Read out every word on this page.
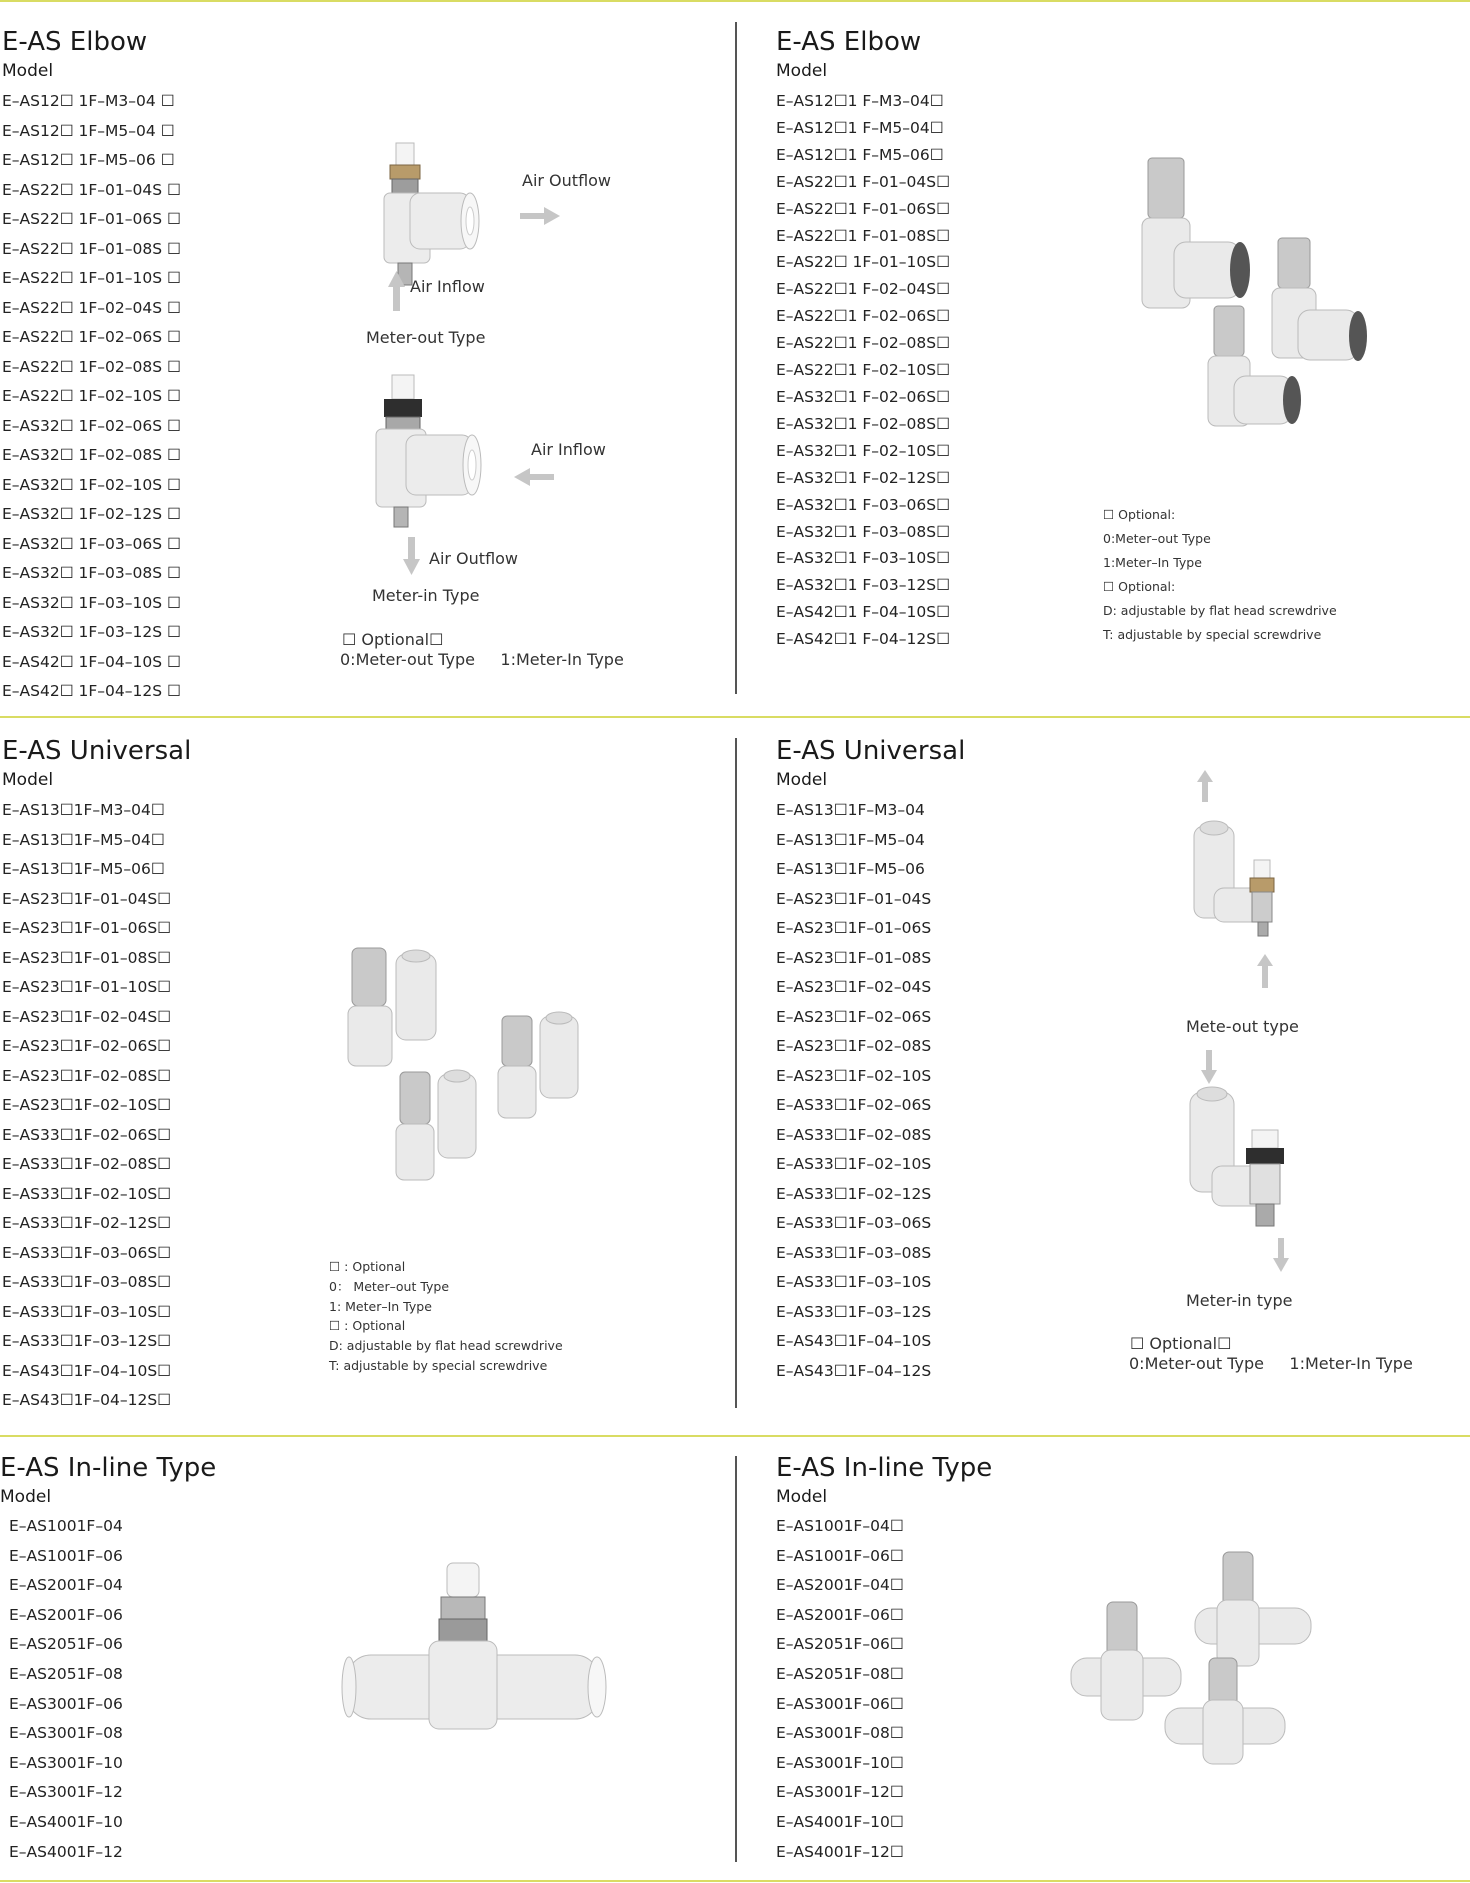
E-AS Elbow
Model
E–AS12☐ 1F–M3–04 ☐
E–AS12☐ 1F–M5–04 ☐
E–AS12☐ 1F–M5–06 ☐
E–AS22☐ 1F–01–04S ☐
E–AS22☐ 1F–01–06S ☐
E–AS22☐ 1F–01–08S ☐
E–AS22☐ 1F–01–10S ☐
E–AS22☐ 1F–02–04S ☐
E–AS22☐ 1F–02–06S ☐
E–AS22☐ 1F–02–08S ☐
E–AS22☐ 1F–02–10S ☐
E–AS32☐ 1F–02–06S ☐
E–AS32☐ 1F–02–08S ☐
E–AS32☐ 1F–02–10S ☐
E–AS32☐ 1F–02–12S ☐
E–AS32☐ 1F–03–06S ☐
E–AS32☐ 1F–03–08S ☐
E–AS32☐ 1F–03–10S ☐
E–AS32☐ 1F–03–12S ☐
E–AS42☐ 1F–04–10S ☐
E–AS42☐ 1F–04–12S ☐
Air Outflow
Air Inflow
Meter-out Type
Air Inflow
Air Outflow
Meter-in Type
☐ Optional☐
0:Meter-out Type     1:Meter-In Type
E-AS Elbow
Model
E–AS12☐1 F–M3–04☐
E–AS12☐1 F–M5–04☐
E–AS12☐1 F–M5–06☐
E–AS22☐1 F–01–04S☐
E–AS22☐1 F–01–06S☐
E–AS22☐1 F–01–08S☐
E–AS22☐ 1F–01–10S☐
E–AS22☐1 F–02–04S☐
E–AS22☐1 F–02–06S☐
E–AS22☐1 F–02–08S☐
E–AS22☐1 F–02–10S☐
E–AS32☐1 F–02–06S☐
E–AS32☐1 F–02–08S☐
E–AS32☐1 F–02–10S☐
E–AS32☐1 F–02–12S☐
E–AS32☐1 F–03–06S☐
E–AS32☐1 F–03–08S☐
E–AS32☐1 F–03–10S☐
E–AS32☐1 F–03–12S☐
E–AS42☐1 F–04–10S☐
E–AS42☐1 F–04–12S☐
☐ Optional:
0:Meter–out Type
1:Meter–In Type
☐ Optional:
D: adjustable by flat head screwdrive
T: adjustable by special screwdrive
E-AS Universal
Model
E–AS13☐1F–M3–04☐
E–AS13☐1F–M5–04☐
E–AS13☐1F–M5–06☐
E–AS23☐1F–01–04S☐
E–AS23☐1F–01–06S☐
E–AS23☐1F–01–08S☐
E–AS23☐1F–01–10S☐
E–AS23☐1F–02–04S☐
E–AS23☐1F–02–06S☐
E–AS23☐1F–02–08S☐
E–AS23☐1F–02–10S☐
E–AS33☐1F–02–06S☐
E–AS33☐1F–02–08S☐
E–AS33☐1F–02–10S☐
E–AS33☐1F–02–12S☐
E–AS33☐1F–03–06S☐
E–AS33☐1F–03–08S☐
E–AS33☐1F–03–10S☐
E–AS33☐1F–03–12S☐
E–AS43☐1F–04–10S☐
E–AS43☐1F–04–12S☐
☐ : Optional
0： Meter–out Type
1: Meter–In Type
☐ : Optional
D: adjustable by flat head screwdrive
T: adjustable by special screwdrive
E-AS Universal
Model
E–AS13☐1F–M3–04
E–AS13☐1F–M5–04
E–AS13☐1F–M5–06
E–AS23☐1F–01–04S
E–AS23☐1F–01–06S
E–AS23☐1F–01–08S
E–AS23☐1F–02–04S
E–AS23☐1F–02–06S
E–AS23☐1F–02–08S
E–AS23☐1F–02–10S
E–AS33☐1F–02–06S
E–AS33☐1F–02–08S
E–AS33☐1F–02–10S
E–AS33☐1F–02–12S
E–AS33☐1F–03–06S
E–AS33☐1F–03–08S
E–AS33☐1F–03–10S
E–AS33☐1F–03–12S
E–AS43☐1F–04–10S
E–AS43☐1F–04–12S
Mete-out type
Meter-in type
☐ Optional☐
0:Meter-out Type     1:Meter-In Type
E-AS In-line Type
Model
E–AS1001F–04
E–AS1001F–06
E–AS2001F–04
E–AS2001F–06
E–AS2051F–06
E–AS2051F–08
E–AS3001F–06
E–AS3001F–08
E–AS3001F–10
E–AS3001F–12
E–AS4001F–10
E–AS4001F–12
E-AS In-line Type
Model
E–AS1001F–04☐
E–AS1001F–06☐
E–AS2001F–04☐
E–AS2001F–06☐
E–AS2051F–06☐
E–AS2051F–08☐
E–AS3001F–06☐
E–AS3001F–08☐
E–AS3001F–10☐
E–AS3001F–12☐
E–AS4001F–10☐
E–AS4001F–12☐
